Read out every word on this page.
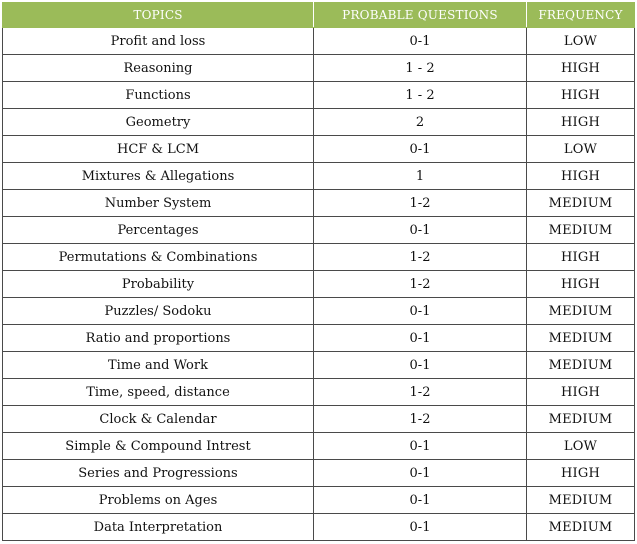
TOPICS	PROBABLE QUESTIONS	FREQUENCY
Profit and loss	0-1	LOW
Reasoning	1 - 2	HIGH
Functions	1 - 2	HIGH
Geometry	2	HIGH
HCF & LCM	0-1	LOW
Mixtures & Allegations	1	HIGH
Number System	1-2	MEDIUM
Percentages	0-1	MEDIUM
Permutations & Combinations	1-2	HIGH
Probability	1-2	HIGH
Puzzles/ Sodoku	0-1	MEDIUM
Ratio and proportions	0-1	MEDIUM
Time and Work	0-1	MEDIUM
Time, speed, distance	1-2	HIGH
Clock & Calendar	1-2	MEDIUM
Simple & Compound Intrest	0-1	LOW
Series and Progressions	0-1	HIGH
Problems on Ages	0-1	MEDIUM
Data Interpretation	0-1	MEDIUM
